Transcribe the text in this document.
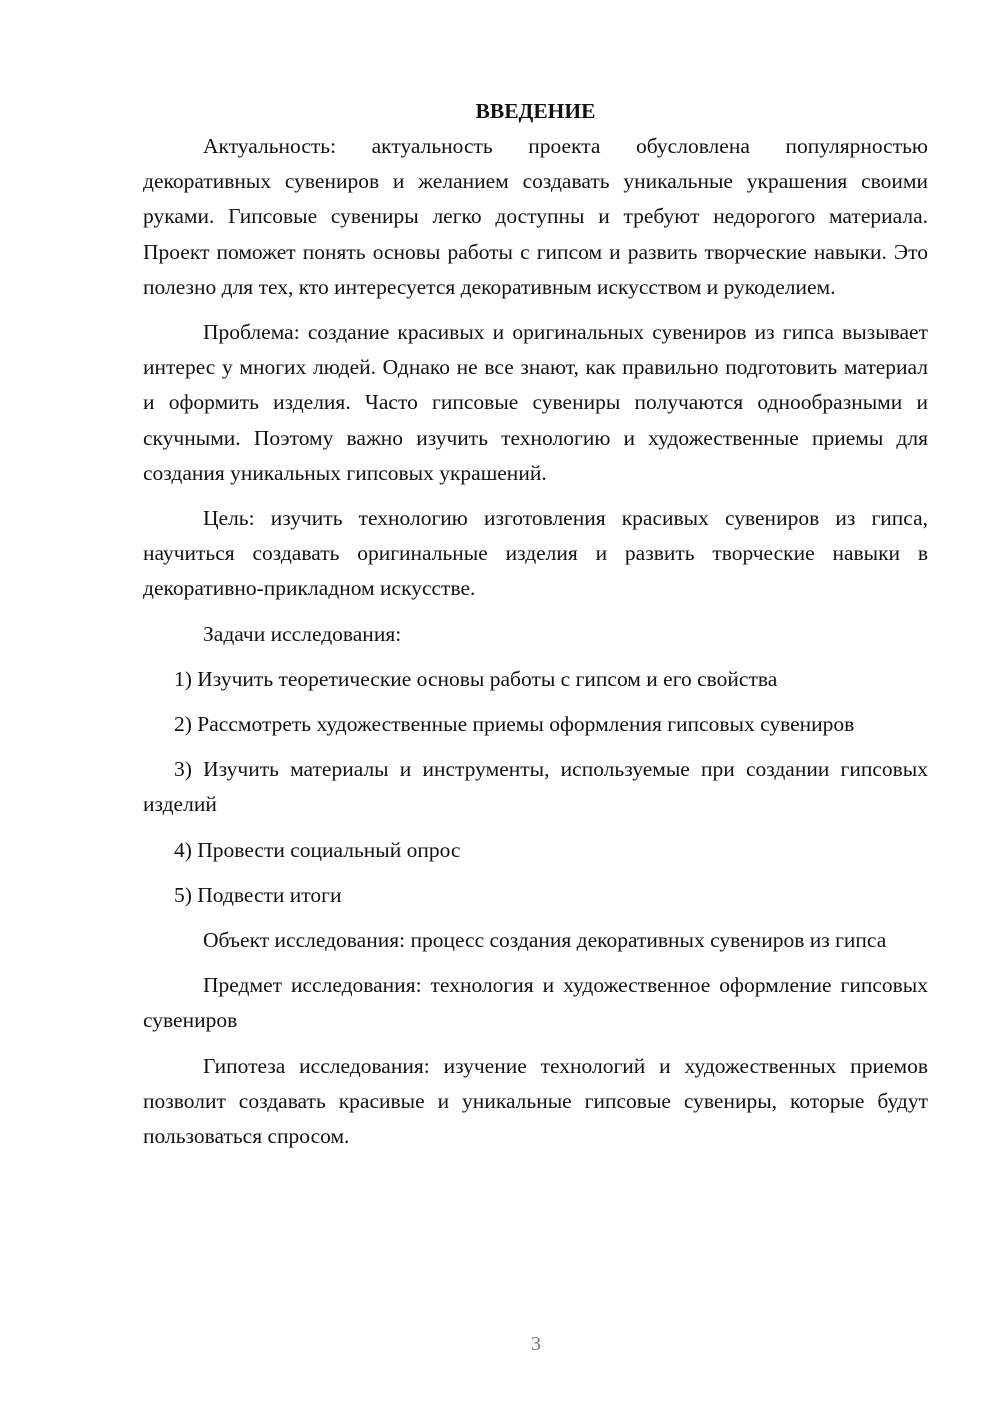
ВВЕДЕНИЕ

Актуальность: актуальность проекта обусловлена популярностью декоративных сувениров и желанием создавать уникальные украшения своими руками. Гипсовые сувениры легко доступны и требуют недорогого материала. Проект поможет понять основы работы с гипсом и развить творческие навыки. Это полезно для тех, кто интересуется декоративным искусством и рукоделием.

Проблема: создание красивых и оригинальных сувениров из гипса вызывает интерес у многих людей. Однако не все знают, как правильно подготовить материал и оформить изделия. Часто гипсовые сувениры получаются однообразными и скучными. Поэтому важно изучить технологию и художественные приемы для создания уникальных гипсовых украшений.

Цель: изучить технологию изготовления красивых сувениров из гипса, научиться создавать оригинальные изделия и развить творческие навыки в декоративно-прикладном искусстве.

Задачи исследования:

1) Изучить теоретические основы работы с гипсом и его свойства

2) Рассмотреть художественные приемы оформления гипсовых сувениров

3) Изучить материалы и инструменты, используемые при создании гипсовых изделий

4) Провести социальный опрос

5) Подвести итоги

Объект исследования: процесс создания декоративных сувениров из гипса

Предмет исследования: технология и художественное оформление гипсовых сувениров

Гипотеза исследования: изучение технологий и художественных приемов позволит создавать красивые и уникальные гипсовые сувениры, которые будут пользоваться спросом.

3
